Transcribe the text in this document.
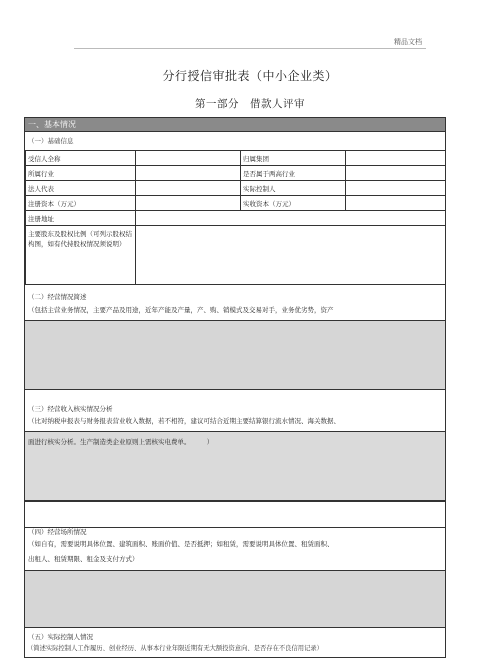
精品文档
分行授信审批表（中小企业类）
第一部分　借款人评审
一、基本情况
（一）基础信息
受信人全称		归属集团	
所属行业		是否属于两高行业	
法人代表		实际控制人	
注册资本（万元）		实收资本（万元）	
注册地址			
主要股东及股权比例（可列示股权结构图，如有代持股权情况须说明）			
（二）经营情况简述
（包括主营业务情况，主要产品及用途，近年产能及产量，产、购、销模式及交易对手，业务优劣势，资产
（三）经营收入核实情况分析
（比对纳税申报表与财务报表营业收入数据，若不相符，建议可结合近期主要结算银行流水情况、海关数据、
面进行核实分析。生产制造类企业原则上需核实电费单。　　　）
（四）经营场所情况
（如自有，需要说明具体位置、建筑面积、账面价值、是否抵押；如租赁，需要说明具体位置、租赁面积、
出租人、租赁期限、租金及支付方式）
（五）实际控制人情况
（简述实际控制人工作履历、创业经历、从事本行业年限近期有无大额投资意向、是否存在不良信用记录）
